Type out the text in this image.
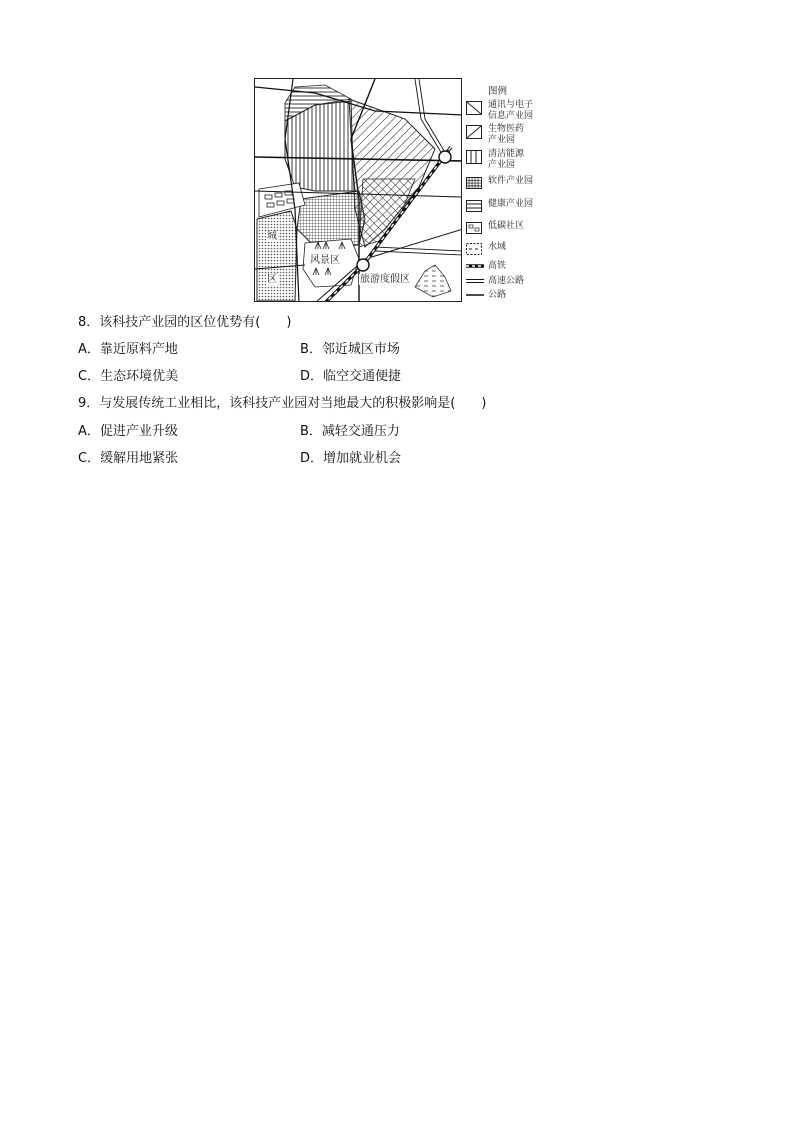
城
区
风景区
旅游度假区
图例
通讯与电子
信息产业园
生物医药
产业园
清洁能源
产业园
软件产业园
健康产业园
低碳社区
水域
高铁
高速公路
公路
8．该科技产业园的区位优势有(　　)
A．靠近原料产地	B．邻近城区市场
C．生态环境优美	D．临空交通便捷
9．与发展传统工业相比，该科技产业园对当地最大的积极影响是(　　)
A．促进产业升级	B．减轻交通压力
C．缓解用地紧张	D．增加就业机会
